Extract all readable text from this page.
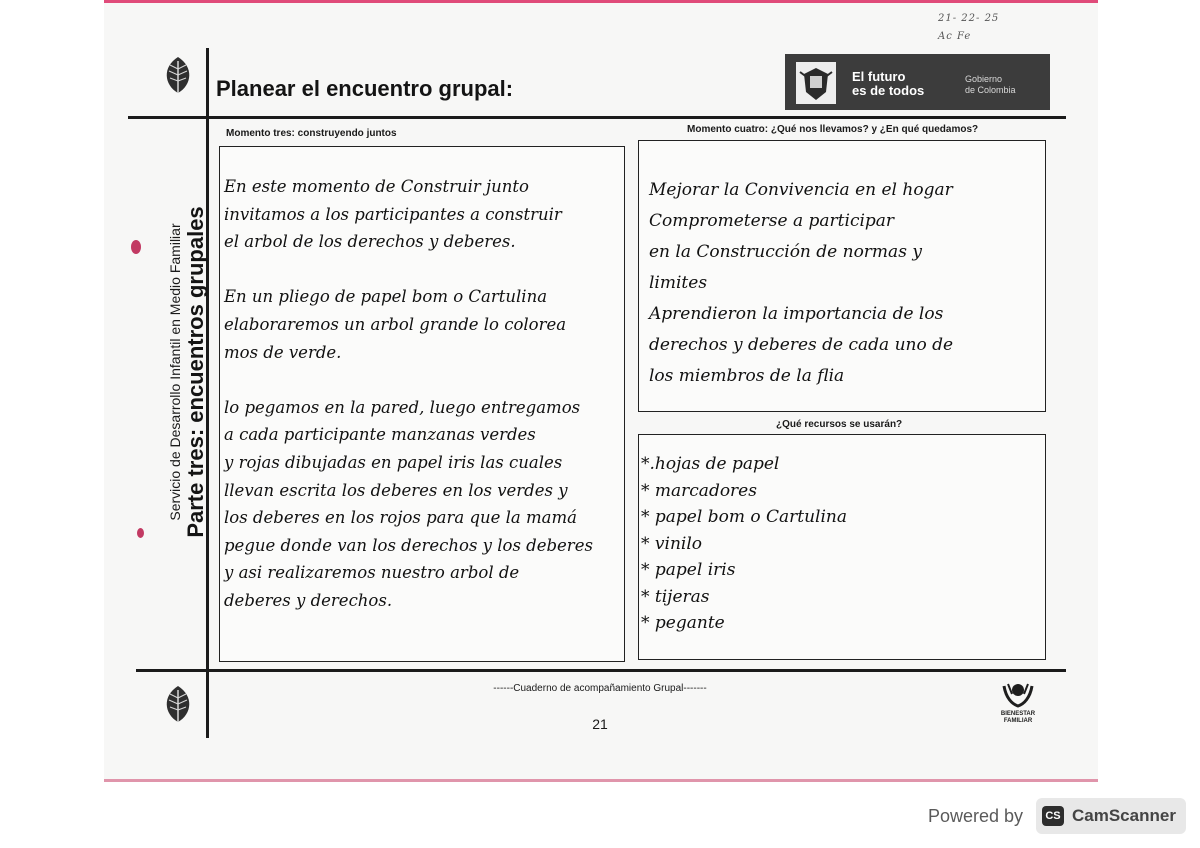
Planear el encuentro grupal:
21- 22- 25
Ac Fe
El futuro
es de todos
Gobierno
de Colombia
Servicio de Desarrollo Infantil en Medio Familiar Parte tres: encuentros grupales
Momento tres: construyendo juntos
En este momento de Construir junto
invitamos a los participantes a construir
el arbol de los derechos y deberes.

En un pliego de papel bom o Cartulina
elaboraremos un arbol grande lo colorea
mos de verde.

lo pegamos en la pared, luego entregamos
a cada participante manzanas verdes
y rojas dibujadas en papel iris las cuales
llevan escrita los deberes en los verdes y
los deberes en los rojos para que la mamá
pegue donde van los derechos y los deberes
y asi realizaremos nuestro arbol de
deberes y derechos.
Momento cuatro: ¿Qué nos llevamos? y ¿En qué quedamos?
Mejorar la Convivencia en el hogar
Comprometerse a participar
en la Construcción de normas y
limites
Aprendieron la importancia de los
derechos y deberes de cada uno de
los miembros de la flia
¿Qué recursos se usarán?
*.hojas de papel
* marcadores
* papel bom o Cartulina
* vinilo
* papel iris
* tijeras
* pegante
------Cuaderno de acompañamiento Grupal-------
21
BIENESTAR
FAMILIAR
Powered by	CS CamScanner
